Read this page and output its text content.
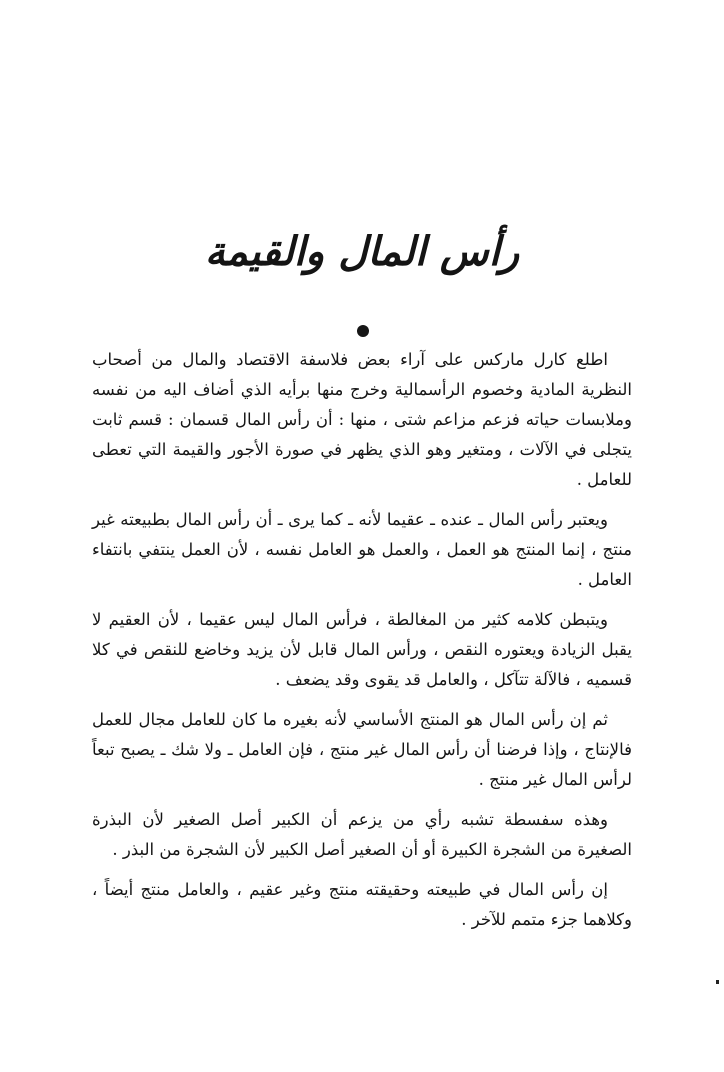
رأس المال والقيمة

اطلع كارل ماركس على آراء بعض فلاسفة الاقتصاد والمال من أصحاب النظرية المادية وخصوم الرأسمالية وخرج منها برأيه الذي أضاف اليه من نفسه وملابسات حياته فزعم مزاعم شتى ، منها : أن رأس المال قسمان : قسم ثابت يتجلى في الآلات ، ومتغير وهو الذي يظهر في صورة الأجور والقيمة التي تعطى للعامل .

ويعتبر رأس المال ـ عنده ـ عقيما لأنه ـ كما يرى ـ أن رأس المال بطبيعته غير منتج ، إنما المنتج هو العمل ، والعمل هو العامل نفسه ، لأن العمل ينتفي بانتفاء العامل .

ويتبطن كلامه كثير من المغالطة ، فرأس المال ليس عقيما ، لأن العقيم لا يقبل الزيادة ويعتوره النقص ، ورأس المال قابل لأن يزيد وخاضع للنقص في كلا قسميه ، فالآلة تتآكل ، والعامل قد يقوى وقد يضعف .

ثم إن رأس المال هو المنتج الأساسي لأنه بغيره ما كان للعامل مجال للعمل فالإنتاج ، وإذا فرضنا أن رأس المال غير منتج ، فإن العامل ـ ولا شك ـ يصبح تبعاً لرأس المال غير منتج .

وهذه سفسطة تشبه رأي من يزعم أن الكبير أصل الصغير لأن البذرة الصغيرة من الشجرة الكبيرة أو أن الصغير أصل الكبير لأن الشجرة من البذر .

إن رأس المال في طبيعته وحقيقته منتج وغير عقيم ، والعامل منتج أيضاً ، وكلاهما جزء متمم للآخر .
